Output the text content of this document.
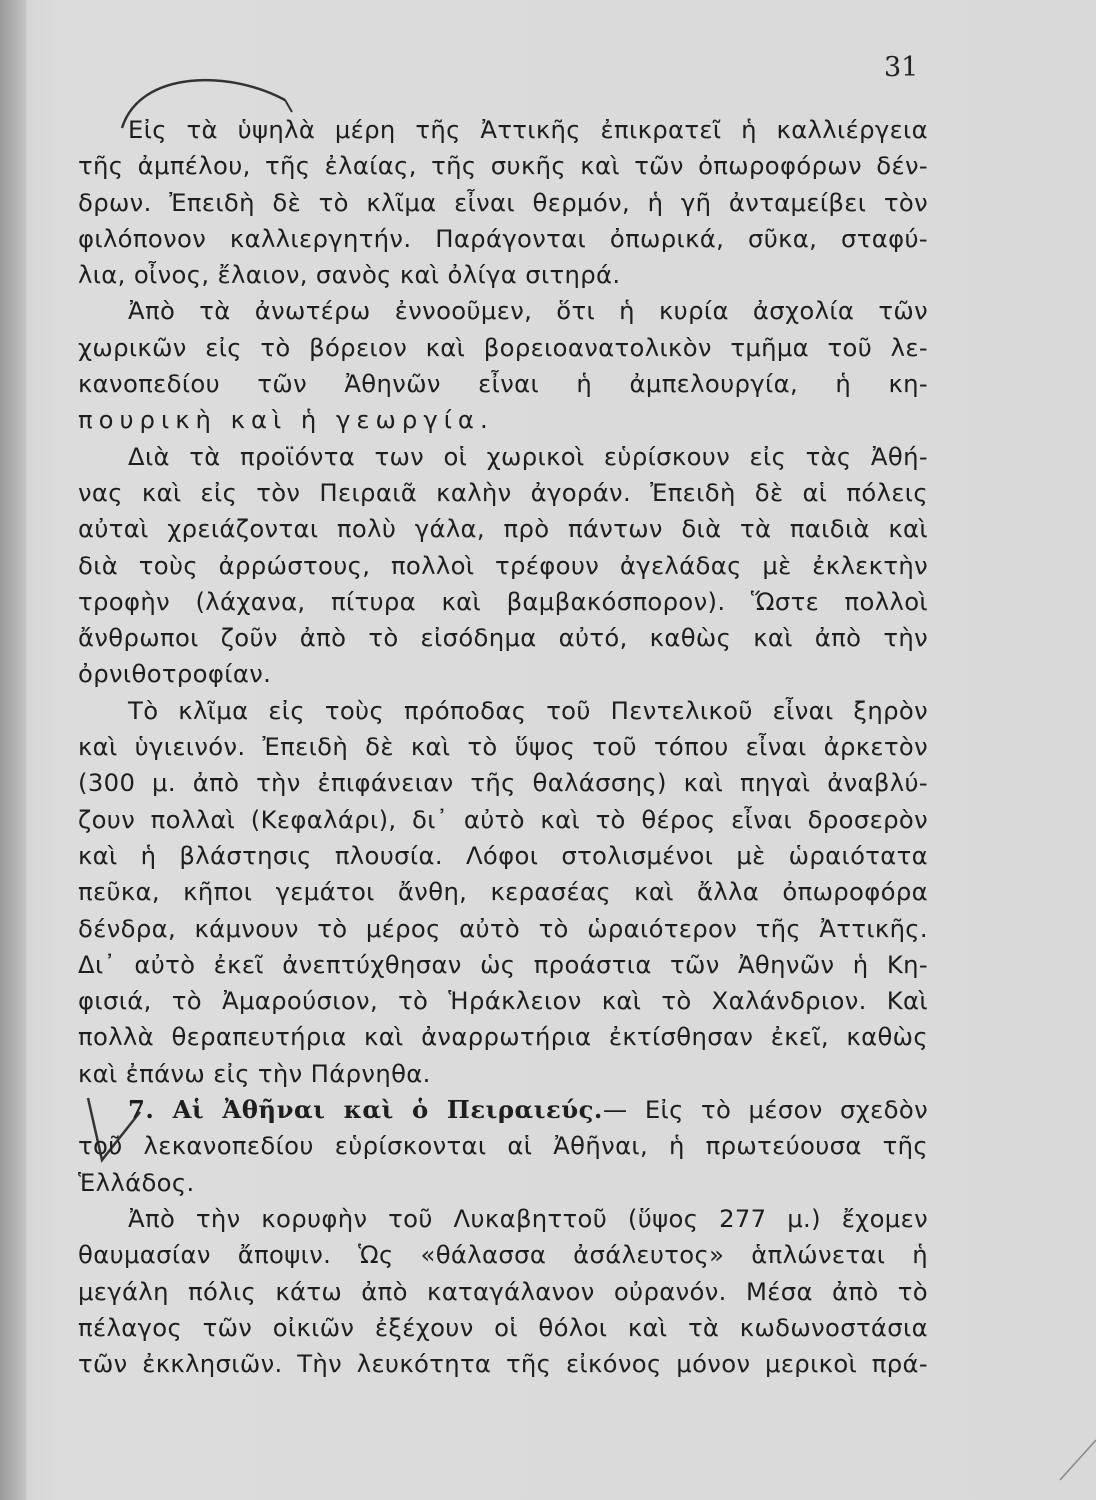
31
Εἰς τὰ ὑψηλὰ μέρη τῆς Ἀττικῆς ἐπικρατεῖ ἡ καλλιέργεια
τῆς ἀμπέλου, τῆς ἐλαίας, τῆς συκῆς καὶ τῶν ὀπωροφόρων δέν-
δρων. Ἐπειδὴ δὲ τὸ κλῖμα εἶναι θερμόν, ἡ γῆ ἀνταμείβει τὸν
φιλόπονον καλλιεργητήν. Παράγονται ὀπωρικά, σῦκα, σταφύ-
λια, οἶνος, ἔλαιον, σανὸς καὶ ὀλίγα σιτηρά.
Ἀπὸ τὰ ἀνωτέρω ἐννοοῦμεν, ὅτι ἡ κυρία ἀσχολία τῶν
χωρικῶν εἰς τὸ βόρειον καὶ βορειοανατολικὸν τμῆμα τοῦ λε-
κανοπεδίου τῶν Ἀθηνῶν εἶναι ἡ ἀμπελουργία, ἡ κη-
πουρικὴ καὶ ἡ γεωργία.
Διὰ τὰ προϊόντα των οἱ χωρικοὶ εὑρίσκουν εἰς τὰς Ἀθή-
νας καὶ εἰς τὸν Πειραιᾶ καλὴν ἀγοράν. Ἐπειδὴ δὲ αἱ πόλεις
αὐταὶ χρειάζονται πολὺ γάλα, πρὸ πάντων διὰ τὰ παιδιὰ καὶ
διὰ τοὺς ἀρρώστους, πολλοὶ τρέφουν ἀγελάδας μὲ ἐκλεκτὴν
τροφὴν (λάχανα, πίτυρα καὶ βαμβακόσπορον). Ὥστε πολλοὶ
ἄνθρωποι ζοῦν ἀπὸ τὸ εἰσόδημα αὐτό, καθὼς καὶ ἀπὸ τὴν
ὀρνιθοτροφίαν.
Τὸ κλῖμα εἰς τοὺς πρόποδας τοῦ Πεντελικοῦ εἶναι ξηρὸν
καὶ ὑγιεινόν. Ἐπειδὴ δὲ καὶ τὸ ὕψος τοῦ τόπου εἶναι ἀρκετὸν
(300 μ. ἀπὸ τὴν ἐπιφάνειαν τῆς θαλάσσης) καὶ πηγαὶ ἀναβλύ-
ζουν πολλαὶ (Κεφαλάρι), δι᾽ αὐτὸ καὶ τὸ θέρος εἶναι δροσερὸν
καὶ ἡ βλάστησις πλουσία. Λόφοι στολισμένοι μὲ ὡραιότατα
πεῦκα, κῆποι γεμάτοι ἄνθη, κερασέας καὶ ἄλλα ὀπωροφόρα
δένδρα, κάμνουν τὸ μέρος αὐτὸ τὸ ὡραιότερον τῆς Ἀττικῆς.
Δι᾽ αὐτὸ ἐκεῖ ἀνεπτύχθησαν ὡς προάστια τῶν Ἀθηνῶν ἡ Κη-
φισιά, τὸ Ἀμαρούσιον, τὸ Ἡράκλειον καὶ τὸ Χαλάνδριον. Καὶ
πολλὰ θεραπευτήρια καὶ ἀναρρωτήρια ἐκτίσθησαν ἐκεῖ, καθὼς
καὶ ἐπάνω εἰς τὴν Πάρνηθα.
7. Αἱ Ἀθῆναι καὶ ὁ Πειραιεύς.— Εἰς τὸ μέσον σχεδὸν
τοῦ λεκανοπεδίου εὑρίσκονται αἱ Ἀθῆναι, ἡ πρωτεύουσα τῆς
Ἑλλάδος.
Ἀπὸ τὴν κορυφὴν τοῦ Λυκαβηττοῦ (ὕψος 277 μ.) ἔχομεν
θαυμασίαν ἄποψιν. Ὡς «θάλασσα ἀσάλευτος» ἁπλώνεται ἡ
μεγάλη πόλις κάτω ἀπὸ καταγάλανον οὐρανόν. Μέσα ἀπὸ τὸ
πέλαγος τῶν οἰκιῶν ἐξέχουν οἱ θόλοι καὶ τὰ κωδωνοστάσια
τῶν ἐκκλησιῶν. Τὴν λευκότητα τῆς εἰκόνος μόνον μερικοὶ πρά-
